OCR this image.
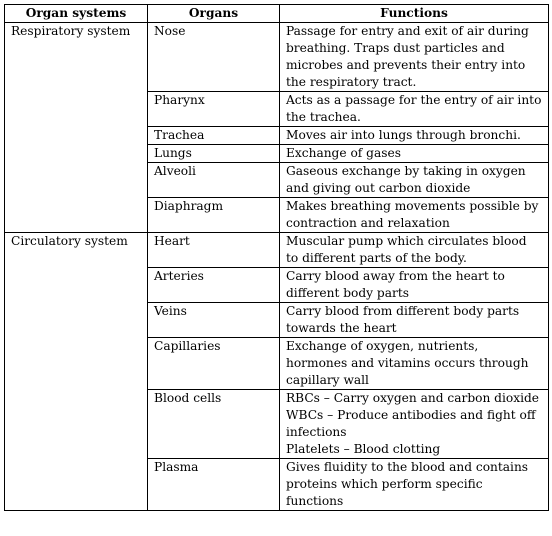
Organ systems	Organs	Functions
Respiratory system	Nose	Passage for entry and exit of air during breathing. Traps dust particles and microbes and prevents their entry into the respiratory tract.

	Pharynx	Acts as a passage for the entry of air into the trachea.

	Trachea	Moves air into lungs through bronchi.

	Lungs	Exchange of gases

	Alveoli	Gaseous exchange by taking in oxygen and giving out carbon dioxide

	Diaphragm	Makes breathing movements possible by contraction and relaxation

Circulatory system	Heart	Muscular pump which circulates blood to different parts of the body.

	Arteries	Carry blood away from the heart to different body parts

	Veins	Carry blood from different body parts towards the heart

	Capillaries	Exchange of oxygen, nutrients, hormones and vitamins occurs through capillary wall

	Blood cells	RBCs – Carry oxygen and carbon dioxide
WBCs – Produce antibodies and fight off infections
Platelets – Blood clotting

	Plasma	Gives fluidity to the blood and contains proteins which perform specific functions
